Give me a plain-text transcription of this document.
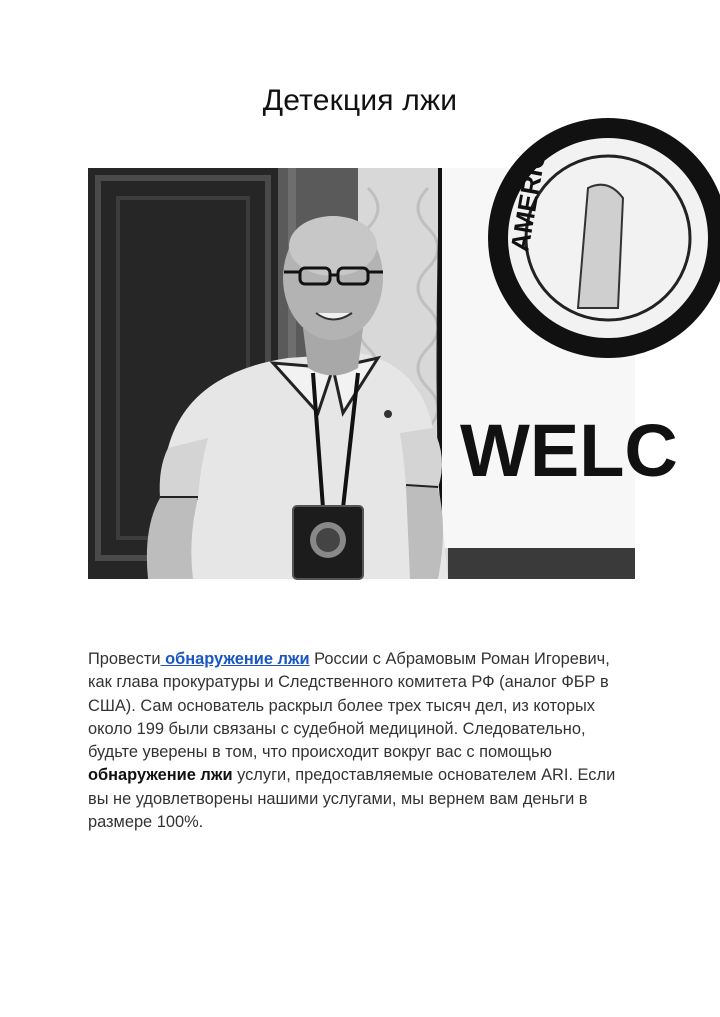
Детекция лжи
AMERIC
WELC

Провести обнаружение лжи России с Абрамовым Роман Игоревич, как глава прокуратуры и Следственного комитета РФ (аналог ФБР в США). Сам основатель раскрыл более трех тысяч дел, из которых около 199 были связаны с судебной медициной. Следовательно, будьте уверены в том, что происходит вокруг вас с помощью обнаружение лжи услуги, предоставляемые основателем ARI. Если вы не удовлетворены нашими услугами, мы вернем вам деньги в размере 100%.
